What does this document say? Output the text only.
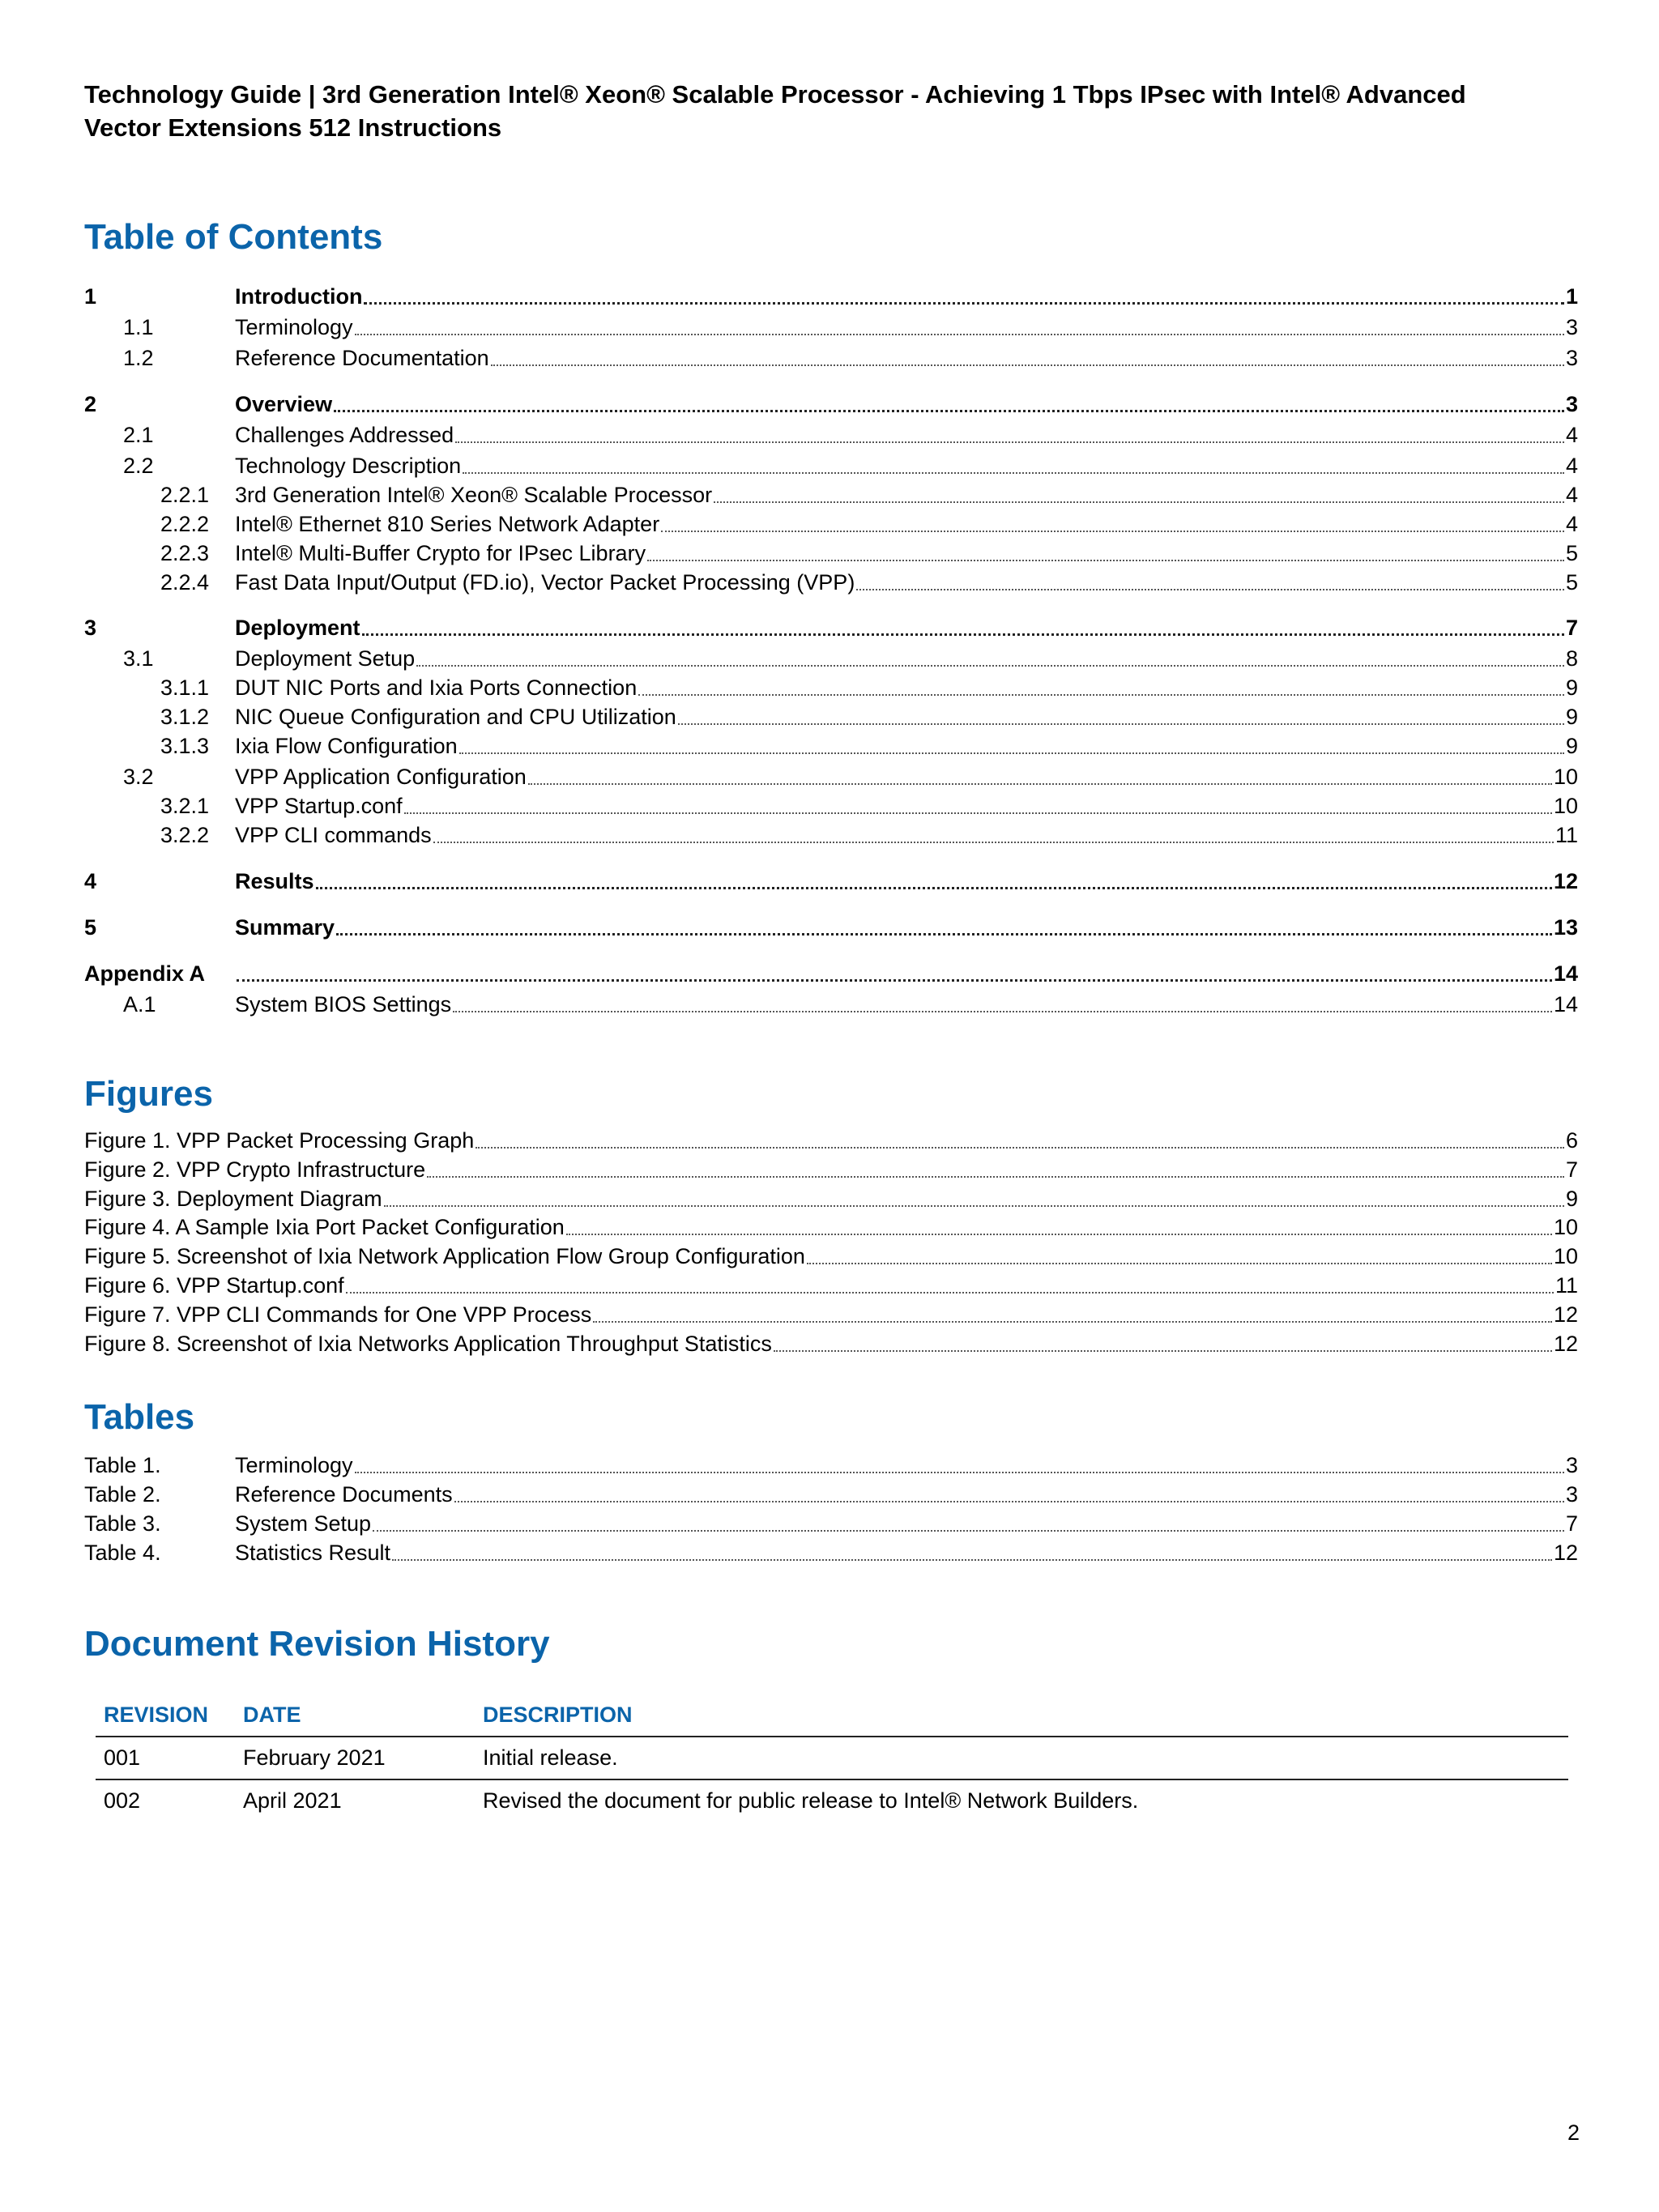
Technology Guide | 3rd Generation Intel® Xeon® Scalable Processor - Achieving 1 Tbps IPsec with Intel® Advanced Vector Extensions 512 Instructions
Table of Contents
1	Introduction	1
1.1	Terminology	3
1.2	Reference Documentation	3
2	Overview	3
2.1	Challenges Addressed	4
2.2	Technology Description	4
2.2.1 3rd Generation Intel® Xeon® Scalable Processor	4
2.2.2 Intel® Ethernet 810 Series Network Adapter	4
2.2.3 Intel® Multi-Buffer Crypto for IPsec Library	5
2.2.4 Fast Data Input/Output (FD.io), Vector Packet Processing (VPP)	5
3	Deployment	7
3.1	Deployment Setup	8
3.1.1 DUT NIC Ports and Ixia Ports Connection	9
3.1.2 NIC Queue Configuration and CPU Utilization	9
3.1.3 Ixia Flow Configuration	9
3.2	VPP Application Configuration	10
3.2.1 VPP Startup.conf	10
3.2.2 VPP CLI commands	11
4	Results	12
5	Summary	13
Appendix A	14
A.1	System BIOS Settings	14
Figures
Figure 1. VPP Packet Processing Graph	6
Figure 2. VPP Crypto Infrastructure	7
Figure 3. Deployment Diagram	9
Figure 4. A Sample Ixia Port Packet Configuration	10
Figure 5. Screenshot of Ixia Network Application Flow Group Configuration	10
Figure 6. VPP Startup.conf	11
Figure 7. VPP CLI Commands for One VPP Process	12
Figure 8. Screenshot of Ixia Networks Application Throughput Statistics	12
Tables
Table 1.	Terminology	3
Table 2.	Reference Documents	3
Table 3.	System Setup	7
Table 4.	Statistics Result	12
Document Revision History
REVISION	DATE	DESCRIPTION
001	February 2021	Initial release.
002	April 2021	Revised the document for public release to Intel® Network Builders.
2
